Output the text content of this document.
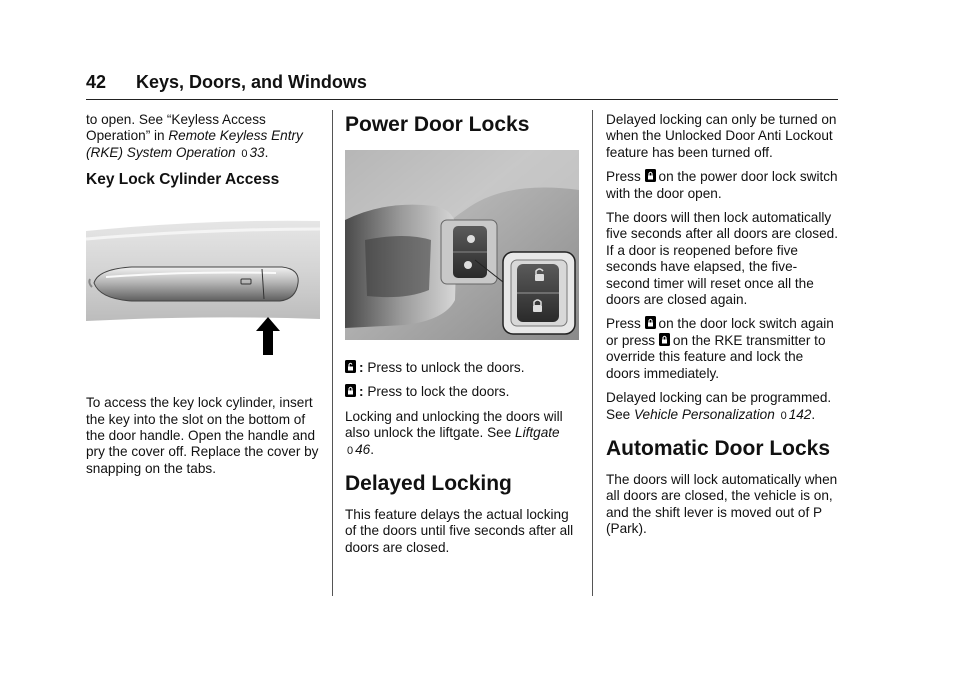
42 Keys, Doors, and Windows

to open. See “Keyless Access Operation” in Remote Keyless Entry (RKE) System Operation 0 33.

Key Lock Cylinder Access

To access the key lock cylinder, insert the key into the slot on the bottom of the door handle. Open the handle and pry the cover off. Replace the cover by snapping on the tabs.

Power Door Locks
: Press to unlock the doors.
: Press to lock the doors.

Locking and unlocking the doors will also unlock the liftgate. See Liftgate 0 46.

Delayed Locking

This feature delays the actual locking of the doors until five seconds after all doors are closed.

Delayed locking can only be turned on when the Unlocked Door Anti Lockout feature has been turned off.

Press on the power door lock switch with the door open.

The doors will then lock automatically five seconds after all doors are closed. If a door is reopened before five seconds have elapsed, the five-second timer will reset once all the doors are closed again.

Press on the door lock switch again or press on the RKE transmitter to override this feature and lock the doors immediately.

Delayed locking can be programmed. See Vehicle Personalization 0 142.

Automatic Door Locks

The doors will lock automatically when all doors are closed, the vehicle is on, and the shift lever is moved out of P (Park).
